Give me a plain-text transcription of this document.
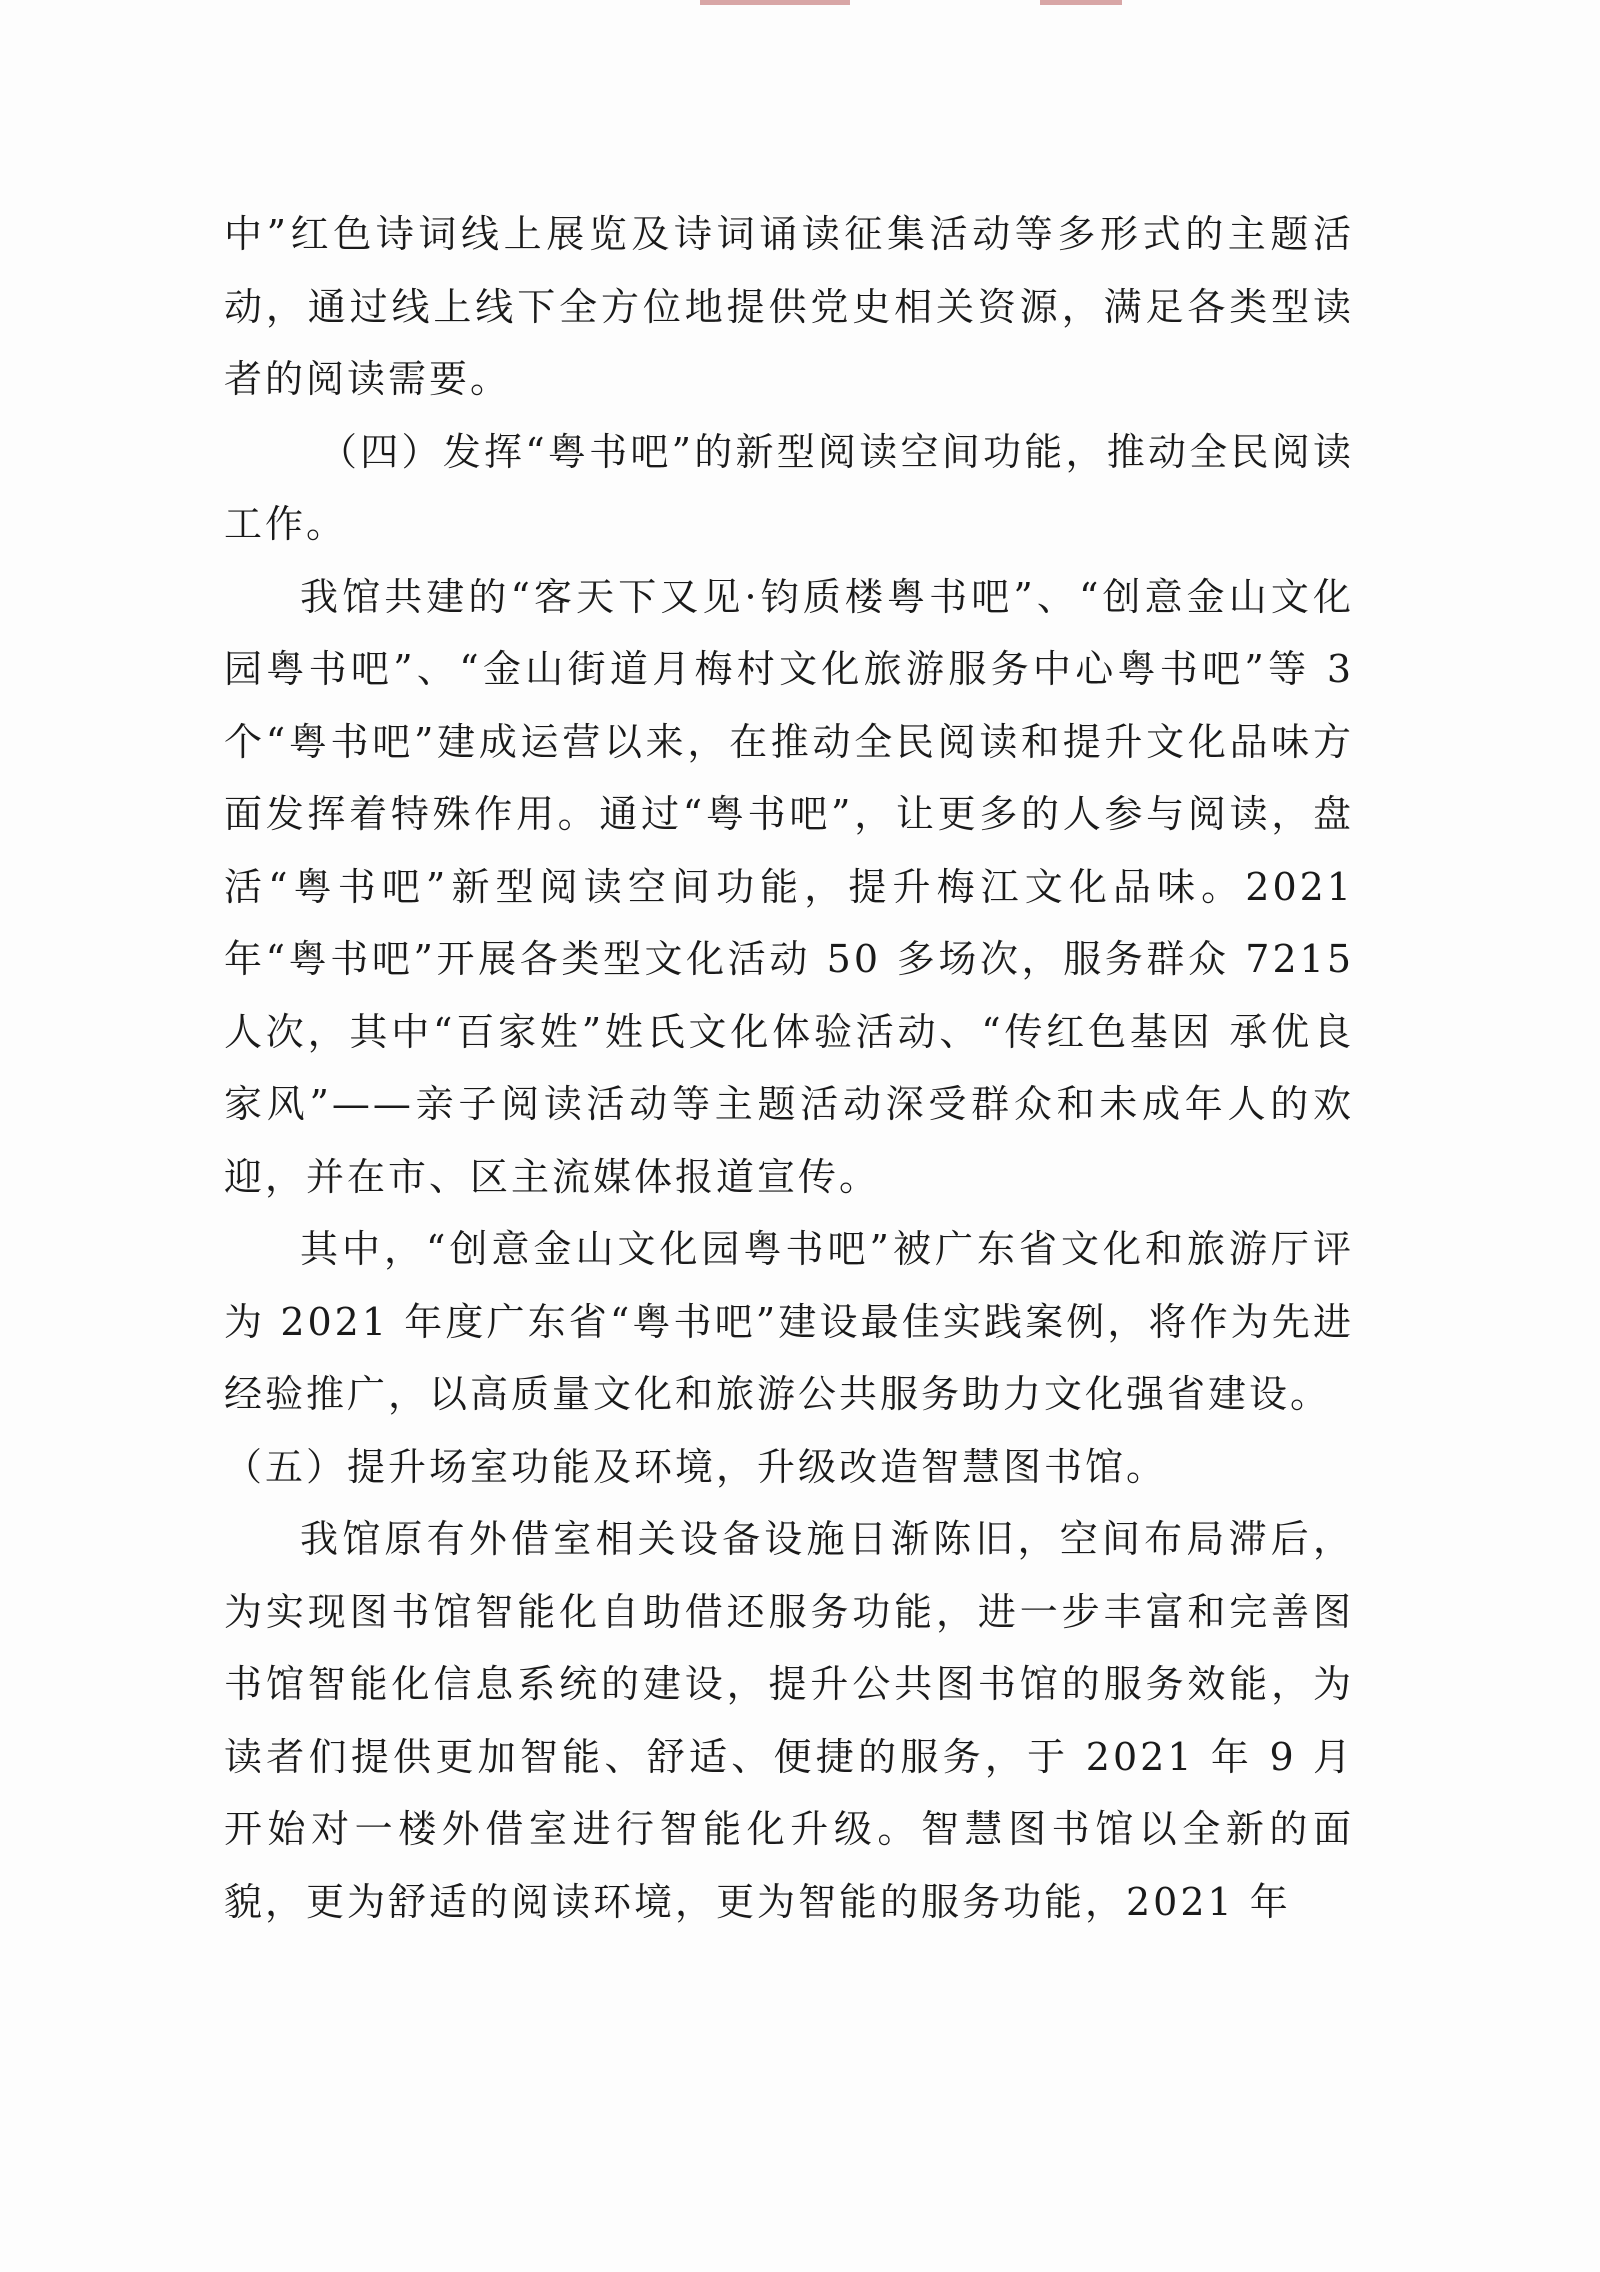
中”红色诗词线上展览及诗词诵读征集活动等多形式的主题活动，通过线上线下全方位地提供党史相关资源，满足各类型读者的阅读需要。

（四）发挥“粤书吧”的新型阅读空间功能，推动全民阅读工作。

我馆共建的“客天下又见·钧质楼粤书吧”、“创意金山文化园粤书吧”、“金山街道月梅村文化旅游服务中心粤书吧”等 3 个“粤书吧”建成运营以来，在推动全民阅读和提升文化品味方面发挥着特殊作用。通过“粤书吧”，让更多的人参与阅读，盘活“粤书吧”新型阅读空间功能，提升梅江文化品味。2021 年“粤书吧”开展各类型文化活动 50 多场次，服务群众 7215 人次，其中“百家姓”姓氏文化体验活动、“传红色基因 承优良家风”——亲子阅读活动等主题活动深受群众和未成年人的欢迎，并在市、区主流媒体报道宣传。

其中，“创意金山文化园粤书吧”被广东省文化和旅游厅评为 2021 年度广东省“粤书吧”建设最佳实践案例，将作为先进经验推广，以高质量文化和旅游公共服务助力文化强省建设。

（五）提升场室功能及环境，升级改造智慧图书馆。

我馆原有外借室相关设备设施日渐陈旧，空间布局滞后，为实现图书馆智能化自助借还服务功能，进一步丰富和完善图书馆智能化信息系统的建设，提升公共图书馆的服务效能，为读者们提供更加智能、舒适、便捷的服务，于 2021 年 9 月开始对一楼外借室进行智能化升级。智慧图书馆以全新的面貌，更为舒适的阅读环境，更为智能的服务功能，2021 年
